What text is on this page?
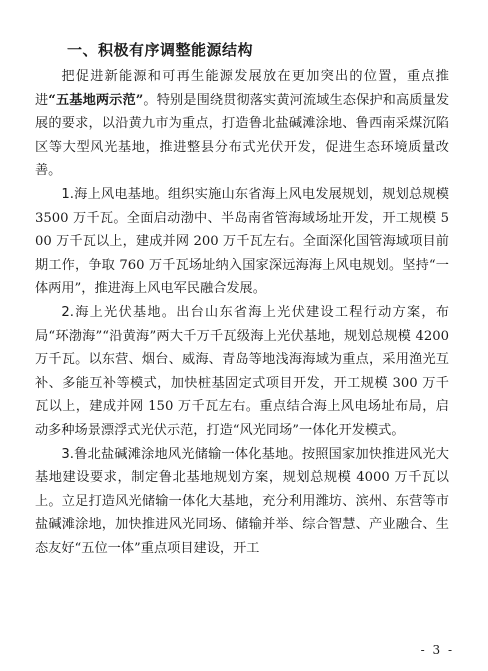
一、积极有序调整能源结构

把促进新能源和可再生能源发展放在更加突出的位置，重点推进“五基地两示范”。特别是围绕贯彻落实黄河流域生态保护和高质量发展的要求，以沿黄九市为重点，打造鲁北盐碱滩涂地、鲁西南采煤沉陷区等大型风光基地，推进整县分布式光伏开发，促进生态环境质量改善。

1.海上风电基地。组织实施山东省海上风电发展规划，规划总规模 3500 万千瓦。全面启动渤中、半岛南省管海域场址开发，开工规模 500 万千瓦以上，建成并网 200 万千瓦左右。全面深化国管海域项目前期工作，争取 760 万千瓦场址纳入国家深远海海上风电规划。坚持“一体两用”，推进海上风电军民融合发展。

2.海上光伏基地。出台山东省海上光伏建设工程行动方案，布局“环渤海”“沿黄海”两大千万千瓦级海上光伏基地，规划总规模 4200 万千瓦。以东营、烟台、威海、青岛等地浅海海域为重点，采用渔光互补、多能互补等模式，加快桩基固定式项目开发，开工规模 300 万千瓦以上，建成并网 150 万千瓦左右。重点结合海上风电场址布局，启动多种场景漂浮式光伏示范，打造“风光同场”一体化开发模式。

3.鲁北盐碱滩涂地风光储输一体化基地。按照国家加快推进风光大基地建设要求，制定鲁北基地规划方案，规划总规模 4000 万千瓦以上。立足打造风光储输一体化大基地，充分利用潍坊、滨州、东营等市盐碱滩涂地，加快推进风光同场、储输并举、综合智慧、产业融合、生态友好“五位一体”重点项目建设，开工

- 3 -
